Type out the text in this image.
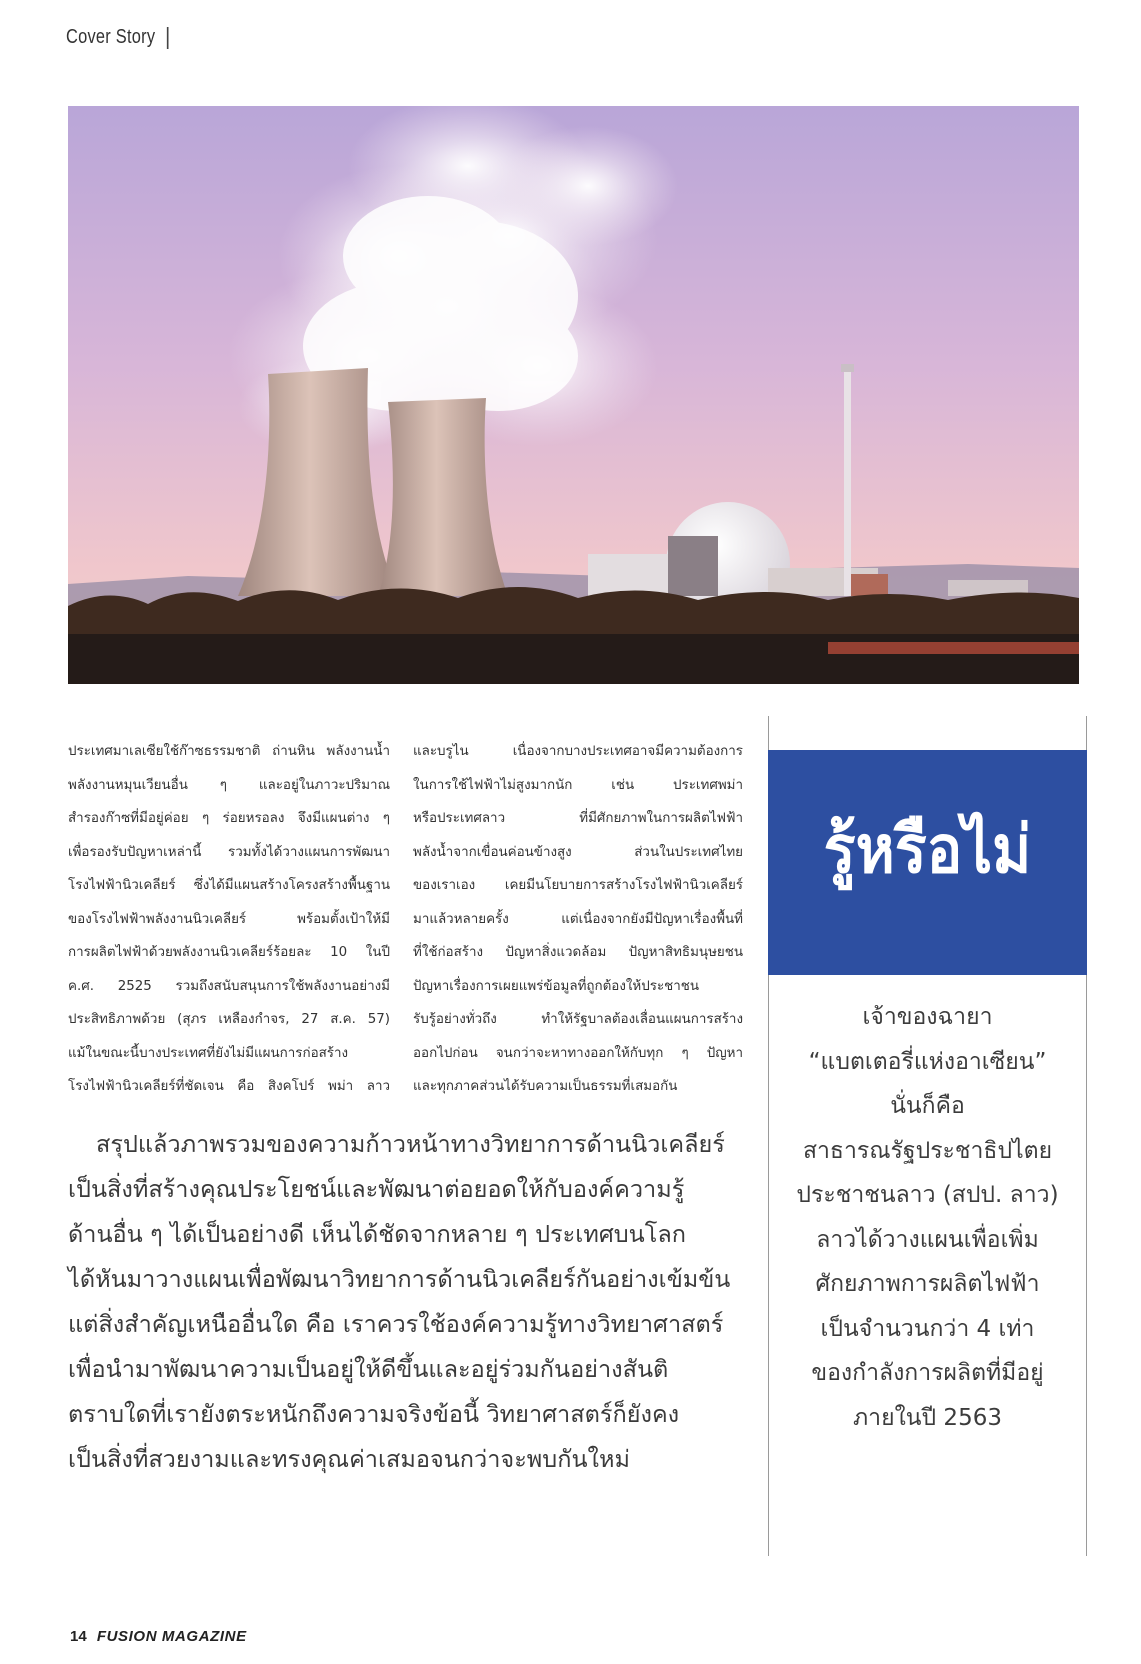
Cover Story

ประเทศมาเลเซียใช้ก๊าซธรรมชาติ ถ่านหิน พลังงานน้ำ

พลังงานหมุนเวียนอื่น ๆ และอยู่ในภาวะปริมาณ

สำรองก๊าซที่มีอยู่ค่อย ๆ ร่อยหรอลง จึงมีแผนต่าง ๆ

เพื่อรองรับปัญหาเหล่านี้ รวมทั้งได้วางแผนการพัฒนา

โรงไฟฟ้านิวเคลียร์ ซึ่งได้มีแผนสร้างโครงสร้างพื้นฐาน

ของโรงไฟฟ้าพลังงานนิวเคลียร์ พร้อมตั้งเป้าให้มี

การผลิตไฟฟ้าด้วยพลังงานนิวเคลียร์ร้อยละ 10 ในปี

ค.ศ. 2525 รวมถึงสนับสนุนการใช้พลังงานอย่างมี

ประสิทธิภาพด้วย (สุภร เหลืองกำจร, 27 ส.ค. 57)

แม้ในขณะนี้บางประเทศที่ยังไม่มีแผนการก่อสร้าง

โรงไฟฟ้านิวเคลียร์ที่ชัดเจน คือ สิงคโปร์ พม่า ลาว

และบรูไน เนื่องจากบางประเทศอาจมีความต้องการ

ในการใช้ไฟฟ้าไม่สูงมากนัก เช่น ประเทศพม่า

หรือประเทศลาว ที่มีศักยภาพในการผลิตไฟฟ้า

พลังน้ำจากเขื่อนค่อนข้างสูง ส่วนในประเทศไทย

ของเราเอง เคยมีนโยบายการสร้างโรงไฟฟ้านิวเคลียร์

มาแล้วหลายครั้ง แต่เนื่องจากยังมีปัญหาเรื่องพื้นที่

ที่ใช้ก่อสร้าง ปัญหาสิ่งแวดล้อม ปัญหาสิทธิมนุษยชน

ปัญหาเรื่องการเผยแพร่ข้อมูลที่ถูกต้องให้ประชาชน

รับรู้อย่างทั่วถึง ทำให้รัฐบาลต้องเลื่อนแผนการสร้าง

ออกไปก่อน จนกว่าจะหาทางออกให้กับทุก ๆ ปัญหา

และทุกภาคส่วนได้รับความเป็นธรรมที่เสมอกัน

สรุปแล้วภาพรวมของความก้าวหน้าทางวิทยาการด้านนิวเคลียร์

เป็นสิ่งที่สร้างคุณประโยชน์และพัฒนาต่อยอดให้กับองค์ความรู้

ด้านอื่น ๆ ได้เป็นอย่างดี เห็นได้ชัดจากหลาย ๆ ประเทศบนโลก

ได้หันมาวางแผนเพื่อพัฒนาวิทยาการด้านนิวเคลียร์กันอย่างเข้มข้น

แต่สิ่งสำคัญเหนืออื่นใด คือ เราควรใช้องค์ความรู้ทางวิทยาศาสตร์

เพื่อนำมาพัฒนาความเป็นอยู่ให้ดีขึ้นและอยู่ร่วมกันอย่างสันติ

ตราบใดที่เรายังตระหนักถึงความจริงข้อนี้ วิทยาศาสตร์ก็ยังคง

เป็นสิ่งที่สวยงามและทรงคุณค่าเสมอจนกว่าจะพบกันใหม่

รู้หรือไม่

เจ้าของฉายา

“แบตเตอรี่แห่งอาเซียน”

นั่นก็คือ

สาธารณรัฐประชาธิปไตย

ประชาชนลาว (สปป. ลาว)

ลาวได้วางแผนเพื่อเพิ่ม

ศักยภาพการผลิตไฟฟ้า

เป็นจำนวนกว่า 4 เท่า

ของกำลังการผลิตที่มีอยู่

ภายในปี 2563

14 FUSION MAGAZINE
